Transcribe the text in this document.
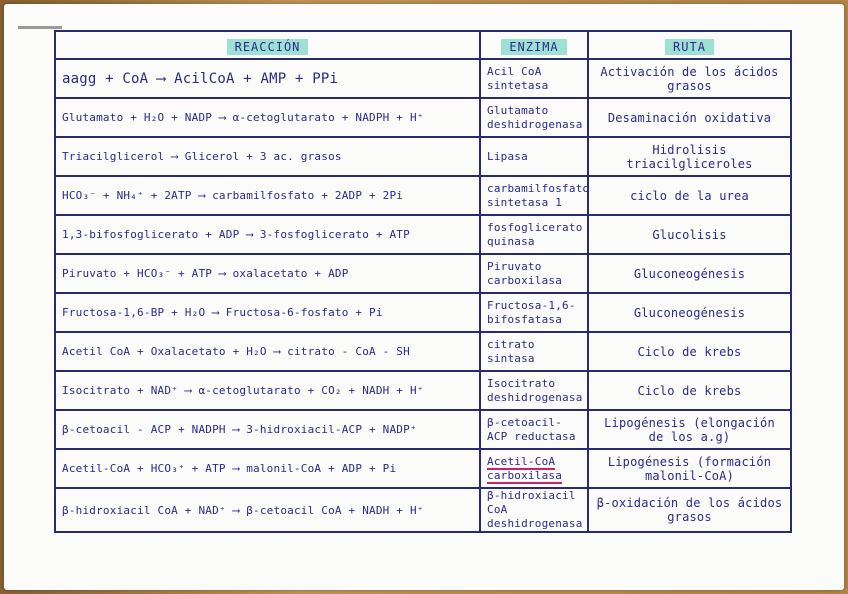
REACCIÓN	ENZIMA	RUTA
aagg + CoA ⟶ AcilCoA + AMP + PPi	Acil CoA sintetasa	Activación de los ácidos grasos
Glutamato + H₂O + NADP ⟶ α-cetoglutarato + NADPH + H⁺	Glutamato deshidrogenasa	Desaminación oxidativa
Triacilglicerol ⟶ Glicerol + 3 ac. grasos	Lipasa	Hidrolisis triacilgliceroles
HCO₃⁻ + NH₄⁺ + 2ATP ⟶ carbamilfosfato + 2ADP + 2Pi	carbamilfosfato sintetasa 1	ciclo de la urea
1,3-bifosfoglicerato + ADP ⟶ 3-fosfoglicerato + ATP	fosfoglicerato quinasa	Glucolisis
Piruvato + HCO₃⁻ + ATP ⟶ oxalacetato + ADP	Piruvato carboxilasa	Gluconeogénesis
Fructosa-1,6-BP + H₂O ⟶ Fructosa-6-fosfato + Pi	Fructosa-1,6-bifosfatasa	Gluconeogénesis
Acetil CoA + Oxalacetato + H₂O ⟶ citrato - CoA - SH	citrato sintasa	Ciclo de krebs
Isocitrato + NAD⁺ ⟶ α-cetoglutarato + CO₂ + NADH + H⁺	Isocitrato deshidrogenasa	Ciclo de krebs
β-cetoacil - ACP + NADPH ⟶ 3-hidroxiacil-ACP + NADP⁺	β-cetoacil-ACP reductasa	Lipogénesis (elongación de los a.g)
Acetil-CoA + HCO₃⁺ + ATP ⟶ malonil-CoA + ADP + Pi	Acetil-CoA carboxilasa	Lipogénesis (formación malonil-CoA)
β-hidroxiacil CoA + NAD⁺ ⟶ β-cetoacil CoA + NADH + H⁺	β-hidroxiacil CoA deshidrogenasa	β-oxidación de los ácidos grasos
